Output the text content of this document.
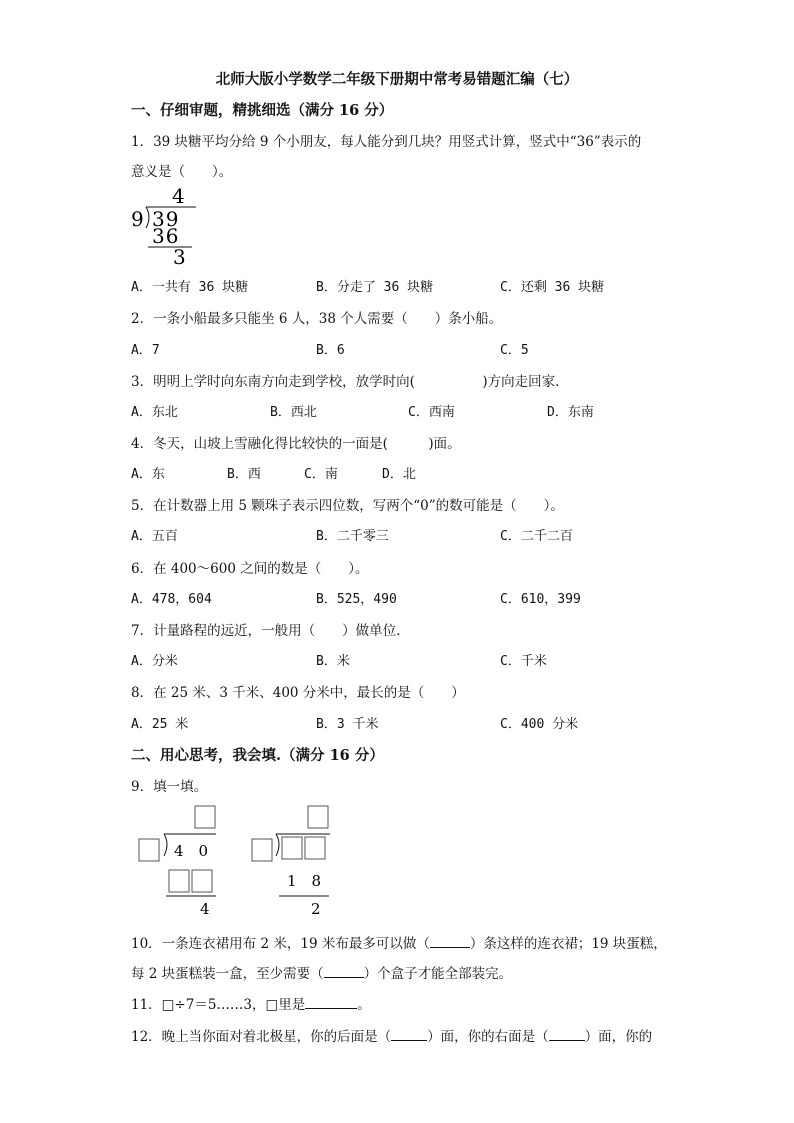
北师大版小学数学二年级下册期中常考易错题汇编（七）
一、仔细审题，精挑细选（满分 16 分）
1．39 块糖平均分给 9 个小朋友，每人能分到几块？用竖式计算，竖式中“36”表示的
意义是（　　）。
4
9 39
36
3
A．一共有 36 块糖	B．分走了 36 块糖	C．还剩 36 块糖
2．一条小船最多只能坐 6 人，38 个人需要（　　）条小船。
A．7	B．6	C．5
3．明明上学时向东南方向走到学校，放学时向(　　　　　)方向走回家.
A．东北	B．西北	C．西南	D．东南
4．冬天，山坡上雪融化得比较快的一面是(　　　)面。
A．东	B．西	C．南	D．北
5．在计数器上用 5 颗珠子表示四位数，写两个“0”的数可能是（　　）。
A．五百	B．二千零三	C．二千二百
6．在 400～600 之间的数是（　　）。
A．478，604	B．525，490	C．610，399
7．计量路程的远近，一般用（　　）做单位.
A．分米	B．米	C．千米
8．在 25 米、3 千米、400 分米中，最长的是（　　）
A．25 米	B．3 千米	C．400 分米
二、用心思考，我会填.（满分 16 分）
9．填一填。
4　0
4
1　8
2
10．一条连衣裙用布 2 米，19 米布最多可以做（	）条这样的连衣裙；19 块蛋糕，
每 2 块蛋糕装一盒，至少需要（	）个盒子才能全部装完。
11．□÷7＝5……3，□里是	。
12．晚上当你面对着北极星，你的后面是（	）面，你的右面是（	）面，你的
